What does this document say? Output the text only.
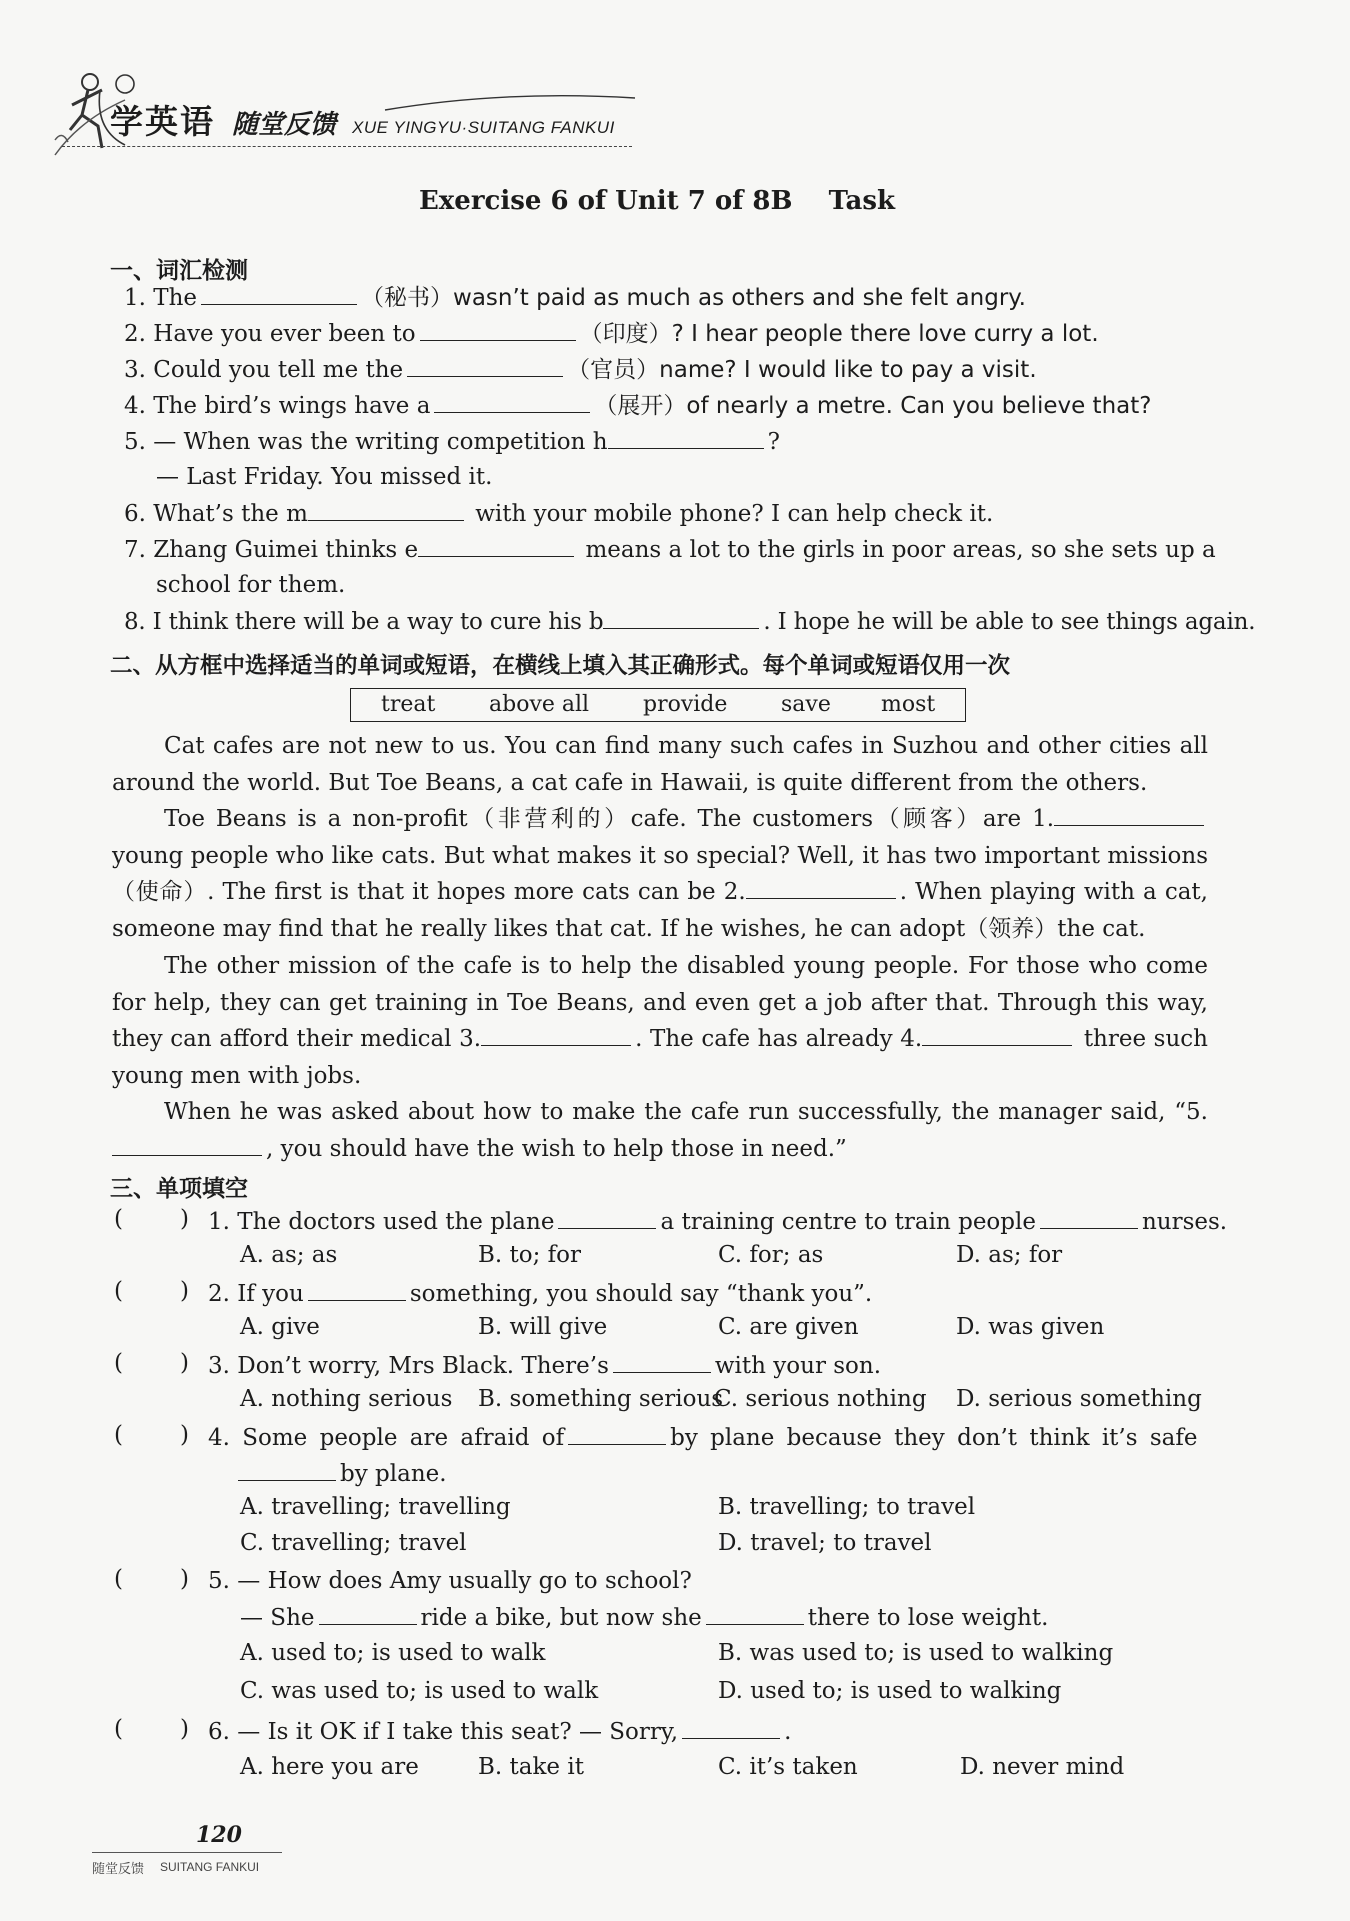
学英语 随堂反馈 XUE YINGYU·SUITANG FANKUI
Exercise 6 of Unit 7 of 8B    Task
一、词汇检测
1. The	（秘书）wasn’t paid as much as others and she felt angry.
2. Have you ever been to	（印度）? I hear people there love curry a lot.
3. Could you tell me the	（官员）name? I would like to pay a visit.
4. The bird’s wings have a	（展开）of nearly a metre. Can you believe that?
5. — When was the writing competition h	?
— Last Friday. You missed it.
6. What’s the m	with your mobile phone? I can help check it.
7. Zhang Guimei thinks e	means a lot to the girls in poor areas, so she sets up a
school for them.
8. I think there will be a way to cure his b	. I hope he will be able to see things again.
二、从方框中选择适当的单词或短语，在横线上填入其正确形式。每个单词或短语仅用一次
treat above all provide save most
Cat cafes are not new to us. You can find many such cafes in Suzhou and other cities all around the world. But Toe Beans, a cat cafe in Hawaii, is quite different from the others.
Toe Beans is a non-profit（非营利的）cafe. The customers（顾客）are 1. young people who like cats. But what makes it so special? Well, it has two important missions（使命）. The first is that it hopes more cats can be 2.	. When playing with a cat, someone may find that he really likes that cat. If he wishes, he can adopt（领养）the cat.
The other mission of the cafe is to help the disabled young people. For those who come for help, they can get training in Toe Beans, and even get a job after that. Through this way, they can afford their medical 3.	. The cafe has already 4.	three such young men with jobs.
When he was asked about how to make the cafe run successfully, the manager said, “5., you should have the wish to help those in need.”
三、单项填空
( ) 1. The doctors used the plane	a training centre to train people	nurses.
A. as; as	B. to; for	C. for; as	D. as; for
( ) 2. If you	something, you should say “thank you”.
A. give	B. will give	C. are given	D. was given
( ) 3. Don’t worry, Mrs Black. There’s	with your son.
A. nothing serious B. something serious
C. serious nothing D. serious something
( ) 4. Some people are afraid of	by plane because they don’t think it’s safe
by plane.
A. travelling; travelling	B. travelling; to travel
C. travelling; travel	D. travel; to travel
( ) 5. — How does Amy usually go to school?
— She	ride a bike, but now she	there to lose weight.
A. used to; is used to walk	B. was used to; is used to walking
C. was used to; is used to walk	D. used to; is used to walking
( ) 6. — Is it OK if I take this seat? — Sorry,	.
A. here you are	B. take it	C. it’s taken	D. never mind
120
随堂反馈 SUITANG FANKUI
